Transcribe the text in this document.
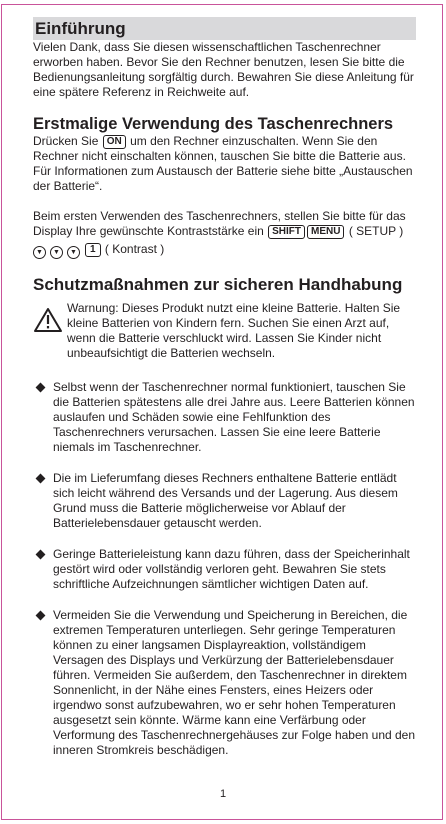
Einführung

Vielen Dank, dass Sie diesen wissenschaftlichen Taschenrechner erworben haben. Bevor Sie den Rechner benutzen, lesen Sie bitte die Bedienungsanleitung sorgfältig durch. Bewahren Sie diese Anleitung für eine spätere Referenz in Reichweite auf.

Erstmalige Verwendung des Taschenrechners

Drücken Sie ON um den Rechner einzuschalten. Wenn Sie den Rechner nicht einschalten können, tauschen Sie bitte die Batterie aus. Für Informationen zum Austausch der Batterie siehe bitte „Austauschen der Batterie“.

Beim ersten Verwenden des Taschenrechners, stellen Sie bitte für das Display Ihre gewünschte Kontraststärke ein SHIFT MENU ( SETUP )
▼ ▼ ▼ 1 ( Kontrast )

Schutzmaßnahmen zur sicheren Handhabung

Warnung: Dieses Produkt nutzt eine kleine Batterie. Halten Sie kleine Batterien von Kindern fern. Suchen Sie einen Arzt auf, wenn die Batterie verschluckt wird. Lassen Sie Kinder nicht unbeaufsichtigt die Batterien wechseln.

Selbst wenn der Taschenrechner normal funktioniert, tauschen Sie die Batterien spätestens alle drei Jahre aus. Leere Batterien können auslaufen und Schäden sowie eine Fehlfunktion des Taschenrechners verursachen. Lassen Sie eine leere Batterie niemals im Taschenrechner.

Die im Lieferumfang dieses Rechners enthaltene Batterie entlädt sich leicht während des Versands und der Lagerung. Aus diesem Grund muss die Batterie möglicherweise vor Ablauf der Batterielebensdauer getauscht werden.

Geringe Batterieleistung kann dazu führen, dass der Speicherinhalt gestört wird oder vollständig verloren geht. Bewahren Sie stets schriftliche Aufzeichnungen sämtlicher wichtigen Daten auf.

Vermeiden Sie die Verwendung und Speicherung in Bereichen, die extremen Temperaturen unterliegen. Sehr geringe Temperaturen können zu einer langsamen Displayreaktion, vollständigem Versagen des Displays und Verkürzung der Batterielebensdauer führen. Vermeiden Sie außerdem, den Taschenrechner in direktem Sonnenlicht, in der Nähe eines Fensters, eines Heizers oder irgendwo sonst aufzubewahren, wo er sehr hohen Temperaturen ausgesetzt sein könnte. Wärme kann eine Verfärbung oder Verformung des Taschenrechnergehäuses zur Folge haben und den inneren Stromkreis beschädigen.

1
